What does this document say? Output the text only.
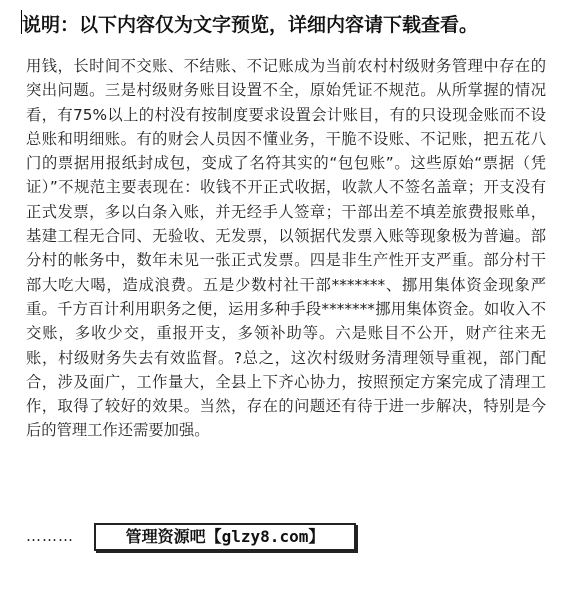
说明：以下内容仅为文字预览，详细内容请下载查看。
用钱，长时间不交账、不结账、不记账成为当前农村村级财务管理中存在的突出问题。三是村级财务账目设置不全，原始凭证不规范。从所掌握的情况看，有75%以上的村没有按制度要求设置会计账目，有的只设现金账而不设总账和明细账。有的财会人员因不懂业务，干脆不设账、不记账，把五花八门的票据用报纸封成包，变成了名符其实的“包包账”。这些原始“票据（凭证）”不规范主要表现在：收钱不开正式收据，收款人不签名盖章；开支没有正式发票，多以白条入账，并无经手人签章；干部出差不填差旅费报账单，基建工程无合同、无验收、无发票，以领据代发票入账等现象极为普遍。部分村的帐务中，数年未见一张正式发票。四是非生产性开支严重。部分村干部大吃大喝，造成浪费。五是少数村社干部*******、挪用集体资金现象严重。千方百计利用职务之便，运用多种手段*******挪用集体资金。如收入不交账，多收少交，重报开支，多领补助等。六是账目不公开，财产往来无账，村级财务失去有效监督。?总之，这次村级财务清理领导重视，部门配合，涉及面广，工作量大，全县上下齐心协力，按照预定方案完成了清理工作，取得了较好的效果。当然，存在的问题还有待于进一步解决，特别是今后的管理工作还需要加强。
………	管理资源吧【glzy8.com】
